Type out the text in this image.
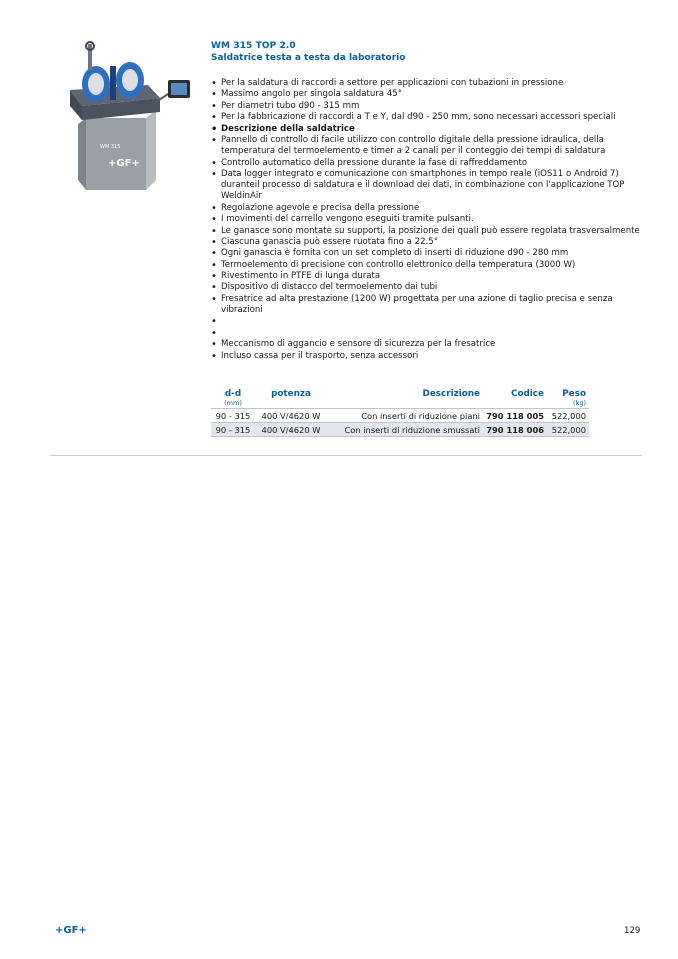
WM 315
+GF+
WM 315 TOP 2.0
Saldatrice testa a testa da laboratorio
• Per la saldatura di raccordi a settore per applicazioni con tubazioni in pressione
• Massimo angolo per singola saldatura 45°
• Per diametri tubo d90 - 315 mm
• Per la fabbricazione di raccordi a T e Y, dal d90 - 250 mm, sono necessari accessori speciali
• Descrizione della saldatrice
• Pannello di controllo di facile utilizzo con controllo digitale della pressione idraulica, della temperatura del termoelemento e timer a 2 canali per il conteggio dei tempi di saldatura
• Controllo automatico della pressione durante la fase di raffreddamento
• Data logger integrato e comunicazione con smartphones in tempo reale (iOS11 o Android 7) duranteil processo di saldatura e il download dei dati, in combinazione con l'applicazione TOP WeldinAir
• Regolazione agevole e precisa della pressione
• I movimenti del carrello vengono eseguiti tramite pulsanti.
• Le ganasce sono montate su supporti, la posizione dei quali può essere regolata trasversalmente
• Ciascuna ganascia può essere ruotata fino a 22.5°
• Ogni ganascia è fornita con un set completo di inserti di riduzione d90 - 280 mm
• Termoelemento di precisione con controllo elettronico della temperatura (3000 W)
• Rivestimento in PTFE di lunga durata
• Dispositivo di distacco del termoelemento dai tubi
• Fresatrice ad alta prestazione (1200 W) progettata per una azione di taglio precisa e senza vibrazioni
•
•
• Meccanismo di aggancio e sensore di sicurezza per la fresatrice
• Incluso cassa per il trasporto, senza accessori
d-d	potenza	Descrizione	Codice	Peso
(mm)				(kg)
90 - 315	400 V/4620 W	Con inserti di riduzione piani	790 118 005	522,000
90 - 315	400 V/4620 W	Con inserti di riduzione smussati	790 118 006	522,000
+GF+	129
